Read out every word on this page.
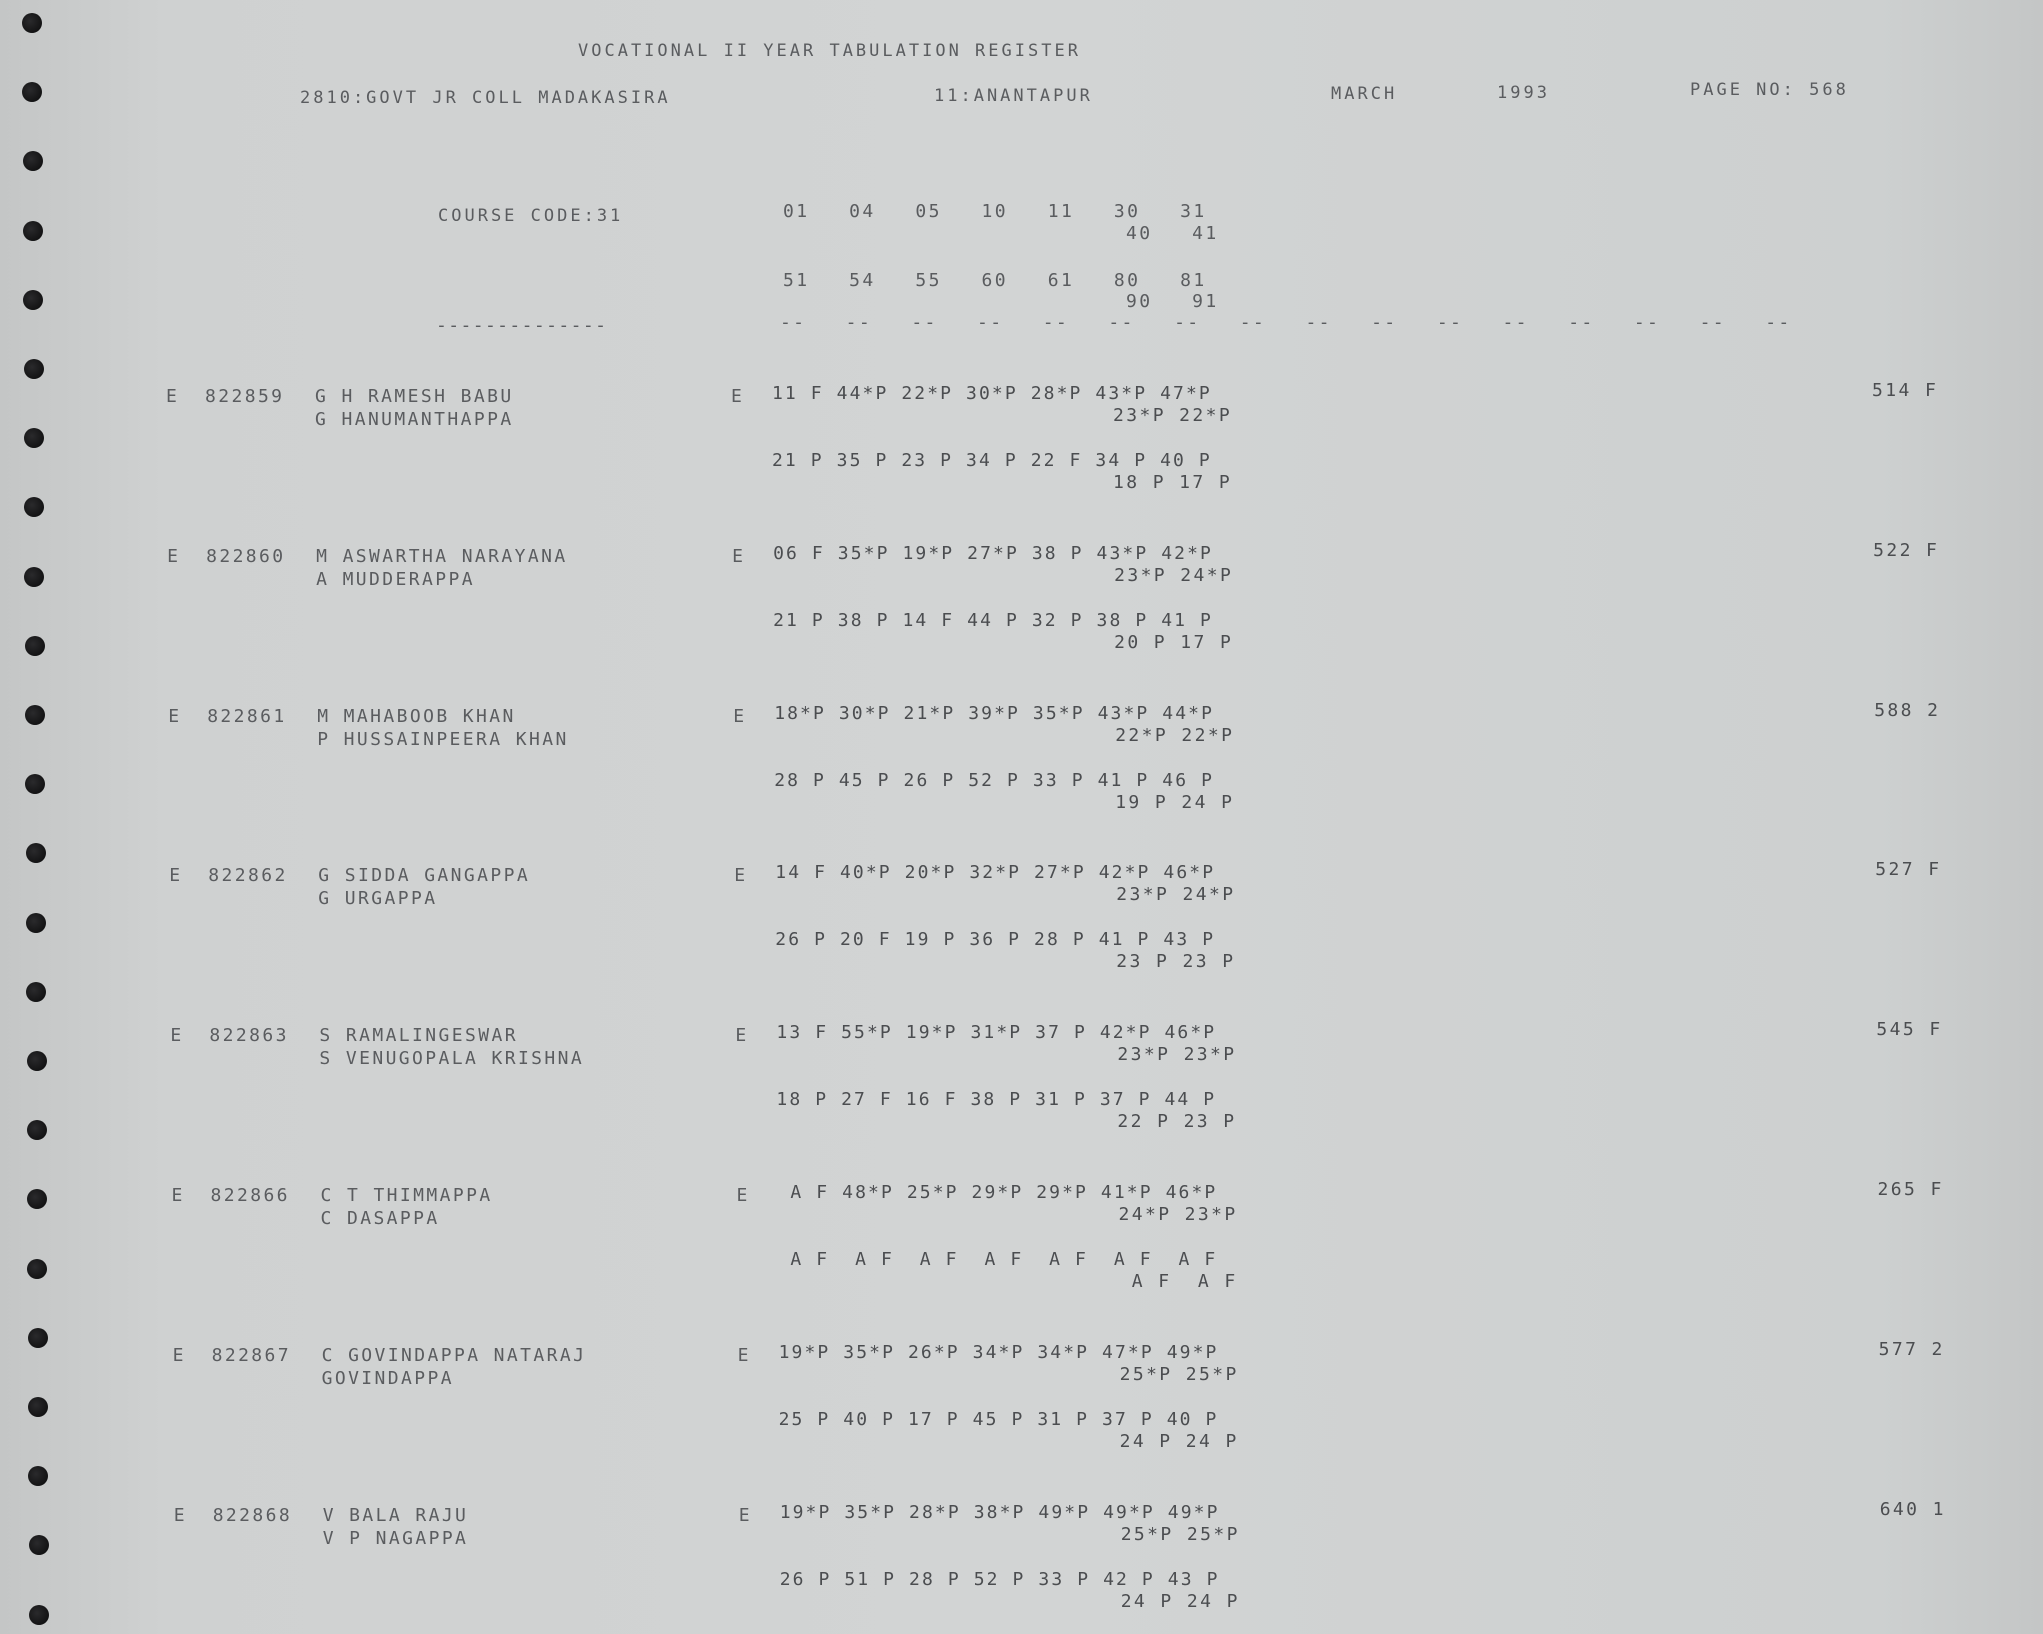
VOCATIONAL II YEAR TABULATION REGISTER
2810:GOVT JR COLL MADAKASIRA	11:ANANTAPUR	MARCH	1993	PAGE NO: 568
COURSE CODE:31	01   04   05   10   11   30   31
40   41
51   54   55   60   61   80   81
90   91
--------------	--   --   --   --   --   --   --   --   --   --   --   --   --   --   --   --
E 822859 G H RAMESH BABU
G HANUMANTHAPPA
E 11 F 44*P 22*P 30*P 28*P 43*P 47*P
23*P 22*P
21 P 35 P 23 P 34 P 22 F 34 P 40 P
18 P 17 P
514 F
E 822860 M ASWARTHA NARAYANA
A MUDDERAPPA
E 06 F 35*P 19*P 27*P 38 P 43*P 42*P
23*P 24*P
21 P 38 P 14 F 44 P 32 P 38 P 41 P
20 P 17 P
522 F
E 822861 M MAHABOOB KHAN
P HUSSAINPEERA KHAN
E 18*P 30*P 21*P 39*P 35*P 43*P 44*P
22*P 22*P
28 P 45 P 26 P 52 P 33 P 41 P 46 P
19 P 24 P
588 2
E 822862 G SIDDA GANGAPPA
G URGAPPA
E 14 F 40*P 20*P 32*P 27*P 42*P 46*P
23*P 24*P
26 P 20 F 19 P 36 P 28 P 41 P 43 P
23 P 23 P
527 F
E 822863 S RAMALINGESWAR
S VENUGOPALA KRISHNA
E 13 F 55*P 19*P 31*P 37 P 42*P 46*P
23*P 23*P
18 P 27 F 16 F 38 P 31 P 37 P 44 P
22 P 23 P
545 F
E 822866 C T THIMMAPPA
C DASAPPA
E A F 48*P 25*P 29*P 29*P 41*P 46*P
24*P 23*P
A F  A F  A F  A F  A F  A F  A F
A F  A F
265 F
E 822867 C GOVINDAPPA NATARAJ
GOVINDAPPA
E 19*P 35*P 26*P 34*P 34*P 47*P 49*P
25*P 25*P
25 P 40 P 17 P 45 P 31 P 37 P 40 P
24 P 24 P
577 2
E 822868 V BALA RAJU
V P NAGAPPA
E 19*P 35*P 28*P 38*P 49*P 49*P 49*P
25*P 25*P
26 P 51 P 28 P 52 P 33 P 42 P 43 P
24 P 24 P
640 1
